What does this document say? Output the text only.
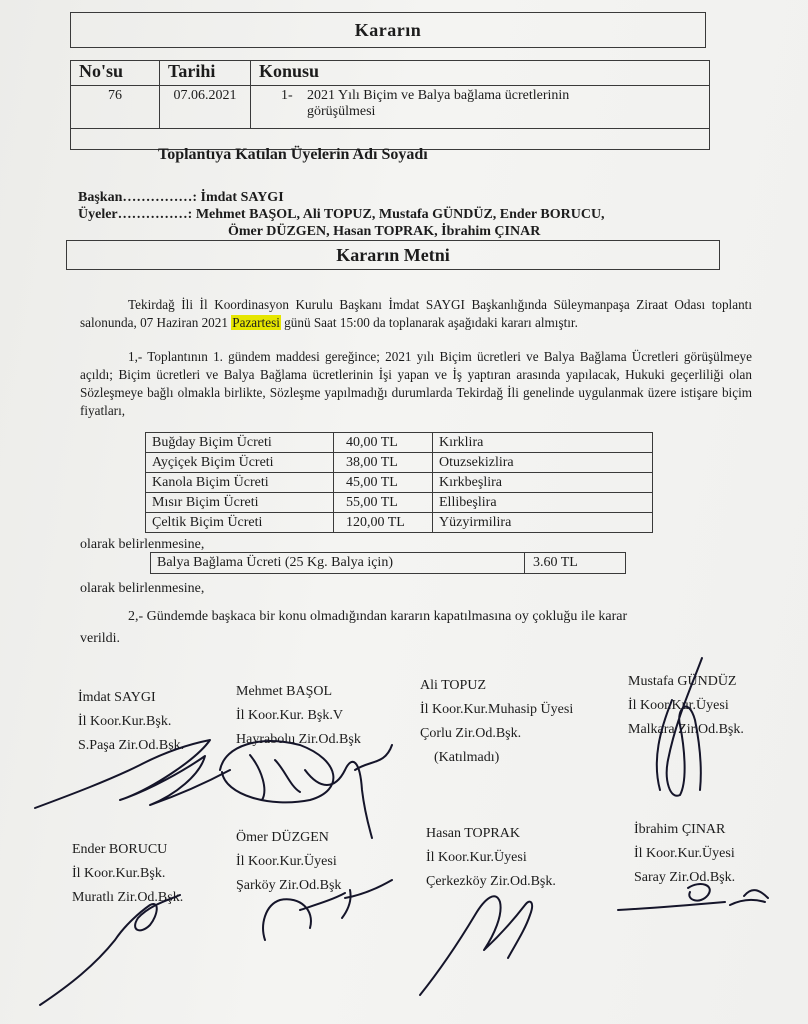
Kararın
No'su	Tarihi	Konusu
76	07.06.2021	1- 2021 Yılı Biçim ve Balya bağlama ücretlerinin
görüşülmesi

Toplantıya Katılan Üyelerin Adı Soyadı
Başkan……………: İmdat SAYGI
Üyeler……………: Mehmet BAŞOL, Ali TOPUZ, Mustafa GÜNDÜZ, Ender BORUCU,
Ömer DÜZGEN, Hasan TOPRAK, İbrahim ÇINAR
Kararın Metni
Tekirdağ İli İl Koordinasyon Kurulu Başkanı İmdat SAYGI Başkanlığında Süleymanpaşa Ziraat Odası toplantı salonunda, 07 Haziran 2021 Pazartesi günü Saat 15:00 da toplanarak aşağıdaki kararı almıştır.
1,- Toplantının 1. gündem maddesi gereğince; 2021 yılı Biçim ücretleri ve Balya Bağlama Ücretleri görüşülmeye açıldı; Biçim ücretleri ve Balya Bağlama ücretlerinin İşi yapan ve İş yaptıran arasında yapılacak, Hukuki geçerliliği olan Sözleşmeye bağlı olmakla birlikte, Sözleşme yapılmadığı durumlarda Tekirdağ İli genelinde uygulanmak üzere istişare biçim fiyatları,
Buğday Biçim Ücreti	40,00 TL	Kırklira
Ayçiçek Biçim Ücreti	38,00 TL	Otuzsekizlira
Kanola Biçim Ücreti	45,00 TL	Kırkbeşlira
Mısır Biçim Ücreti	55,00 TL	Ellibeşlira
Çeltik Biçim Ücreti	120,00 TL	Yüzyirmilira
olarak belirlenmesine,
Balya Bağlama Ücreti (25 Kg. Balya için)	3.60 TL
olarak belirlenmesine,
2,- Gündemde başkaca bir konu olmadığından kararın kapatılmasına oy çokluğu ile karar
verildi.
İmdat SAYGI
İl Koor.Kur.Bşk.
S.Paşa Zir.Od.Bşk.
Mehmet BAŞOL
İl Koor.Kur. Bşk.V
Hayrabolu Zir.Od.Bşk
Ali TOPUZ
İl Koor.Kur.Muhasip Üyesi
Çorlu Zir.Od.Bşk.
(Katılmadı)
Mustafa GÜNDÜZ
İl Koor.Kur.Üyesi
Malkara Zir.Od.Bşk.
Ender BORUCU
İl Koor.Kur.Bşk.
Muratlı Zir.Od.Bşk.
Ömer DÜZGEN
İl Koor.Kur.Üyesi
Şarköy Zir.Od.Bşk
Hasan TOPRAK
İl Koor.Kur.Üyesi
Çerkezköy Zir.Od.Bşk.
İbrahim ÇINAR
İl Koor.Kur.Üyesi
Saray Zir.Od.Bşk.
